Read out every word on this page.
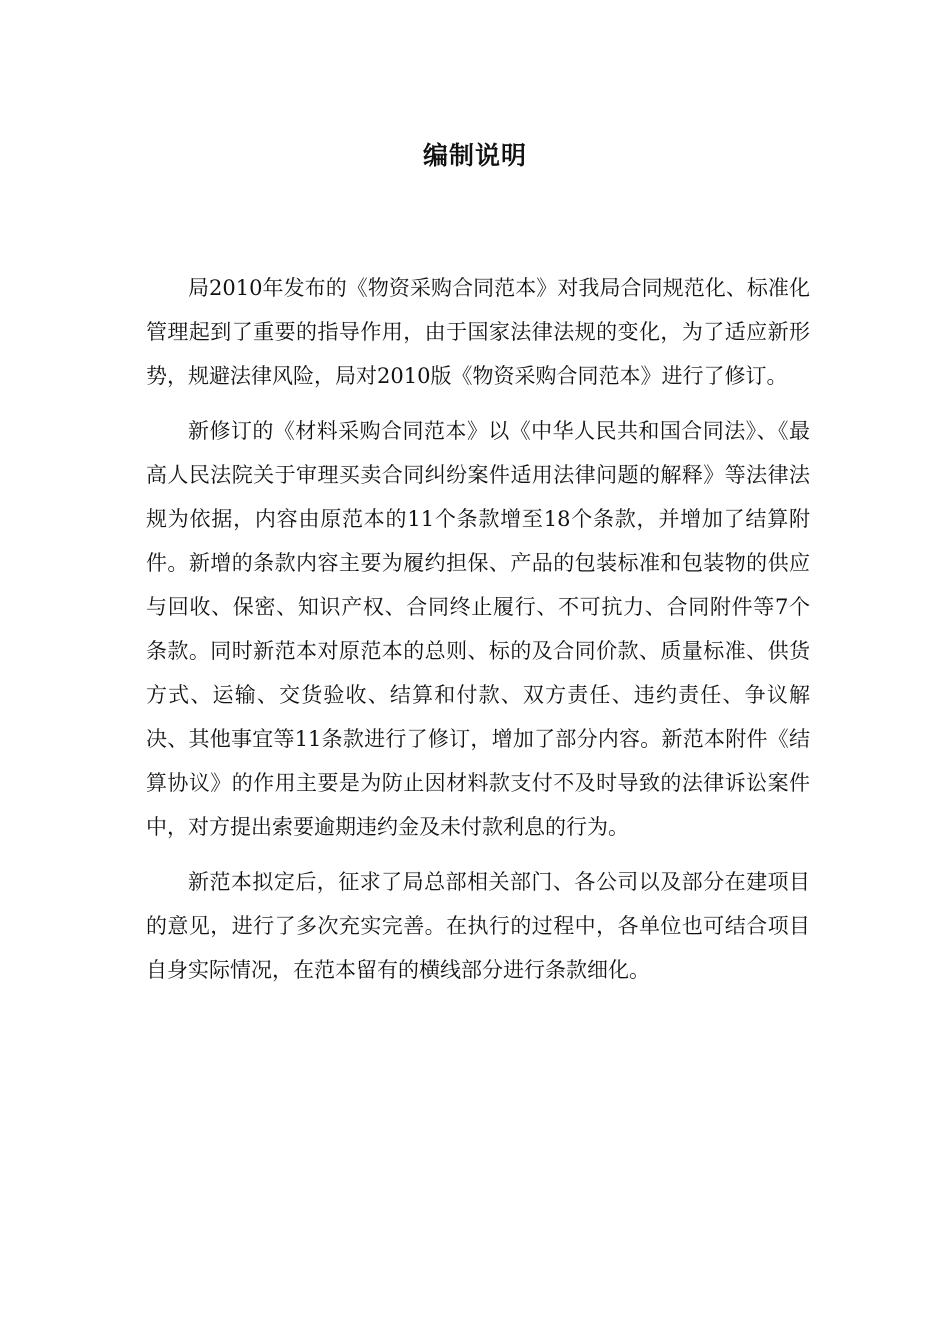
编制说明

局2010年发布的《物资采购合同范本》对我局合同规范化、标准化管理起到了重要的指导作用，由于国家法律法规的变化，为了适应新形势，规避法律风险，局对2010版《物资采购合同范本》进行了修订。

新修订的《材料采购合同范本》以《中华人民共和国合同法》、《最高人民法院关于审理买卖合同纠纷案件适用法律问题的解释》等法律法规为依据，内容由原范本的11个条款增至18个条款，并增加了结算附件。新增的条款内容主要为履约担保、产品的包装标准和包装物的供应与回收、保密、知识产权、合同终止履行、不可抗力、合同附件等7个条款。同时新范本对原范本的总则、标的及合同价款、质量标准、供货方式、运输、交货验收、结算和付款、双方责任、违约责任、争议解决、其他事宜等11条款进行了修订，增加了部分内容。新范本附件《结算协议》的作用主要是为防止因材料款支付不及时导致的法律诉讼案件中，对方提出索要逾期违约金及未付款利息的行为。

新范本拟定后，征求了局总部相关部门、各公司以及部分在建项目的意见，进行了多次充实完善。在执行的过程中，各单位也可结合项目自身实际情况，在范本留有的横线部分进行条款细化。
